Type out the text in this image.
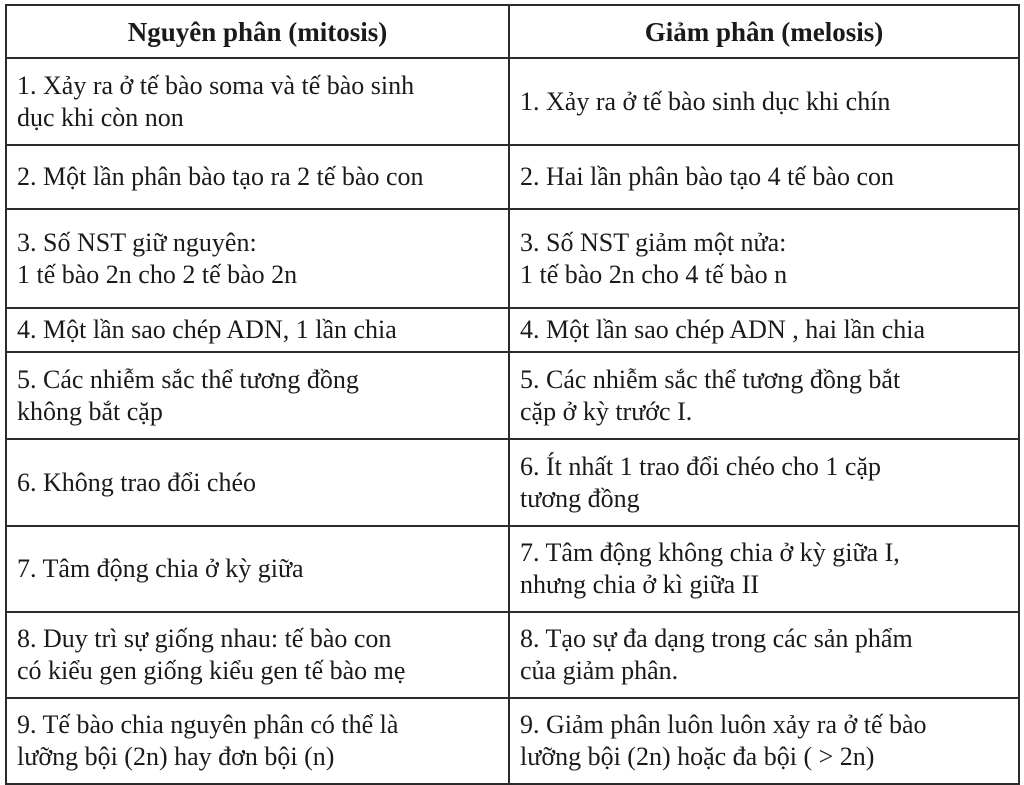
Nguyên phân (mitosis)	Giảm phân (melosis)

1. Xảy ra ở tế bào soma và tế bào sinh
dục khi còn non	1. Xảy ra ở tế bào sinh dục khi chín

2. Một lần phân bào tạo ra 2 tế bào con	2. Hai lần phân bào tạo 4 tế bào con

3. Số NST giữ nguyên:
1 tế bào 2n cho 2 tế bào 2n	3. Số NST giảm một nửa:
1 tế bào 2n cho 4 tế bào n

4. Một lần sao chép ADN, 1 lần chia	4. Một lần sao chép ADN , hai lần chia

5. Các nhiễm sắc thể tương đồng
không bắt cặp	5. Các nhiễm sắc thể tương đồng bắt
cặp ở kỳ trước I.

6. Không trao đổi chéo	6. Ít nhất 1 trao đổi chéo cho 1 cặp
tương đồng

7. Tâm động chia ở kỳ giữa	7. Tâm động không chia ở kỳ giữa I,
nhưng chia ở kì giữa II

8. Duy trì sự giống nhau: tế bào con
có kiểu gen giống kiểu gen tế bào mẹ	8. Tạo sự đa dạng trong các sản phẩm
của giảm phân.

9. Tế bào chia nguyên phân có thể là
lưỡng bội (2n) hay đơn bội (n)	9. Giảm phân luôn luôn xảy ra ở tế bào
lưỡng bội (2n) hoặc đa bội ( > 2n)
